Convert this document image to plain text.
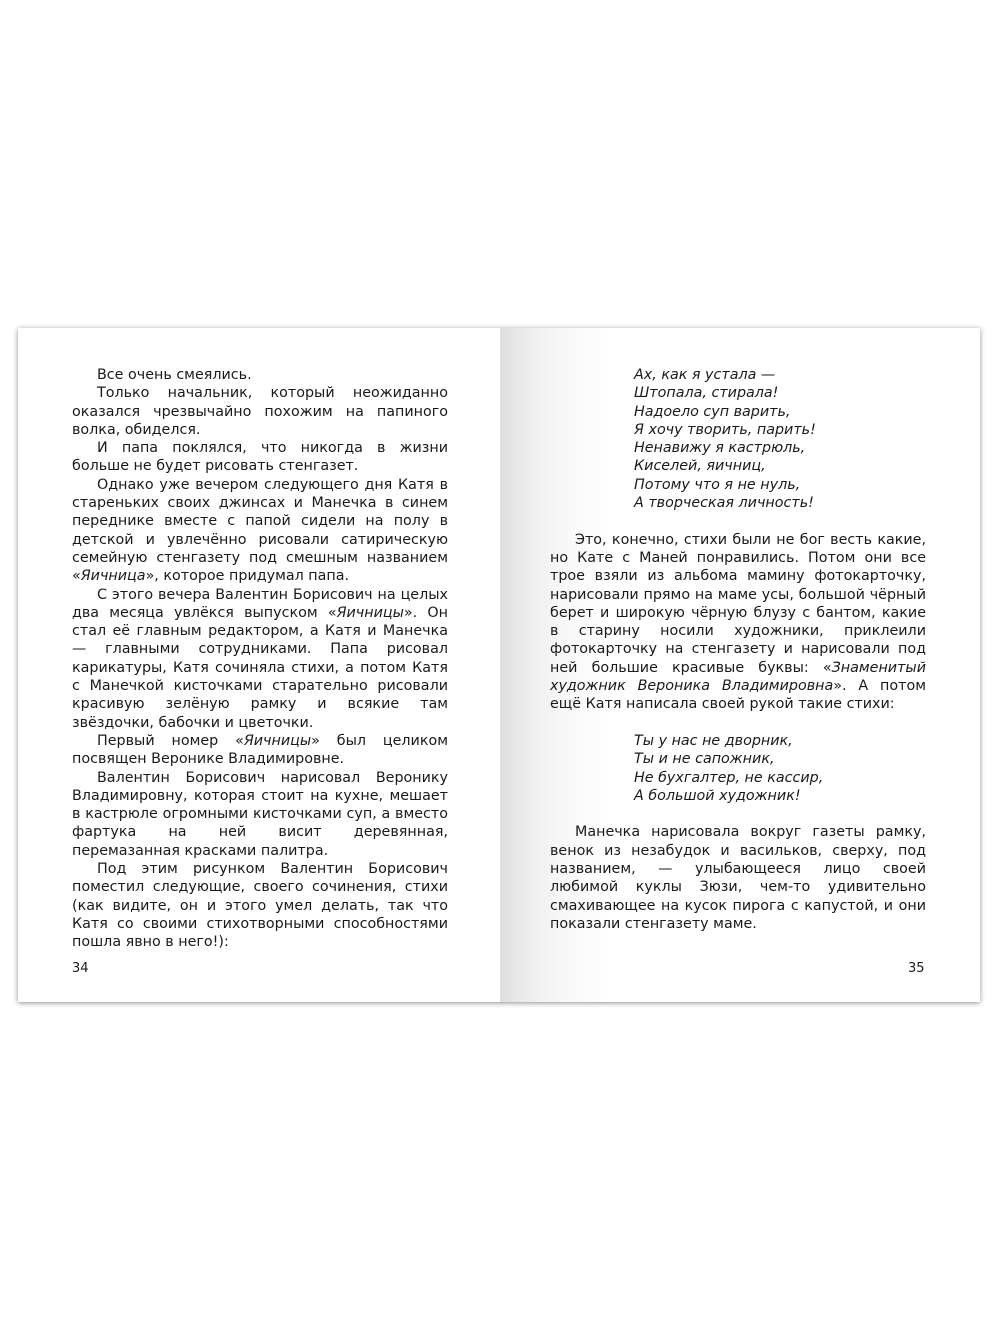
Все очень смеялись.

Только начальник, который неожиданно оказался чрезвычайно похожим на папиного волка, обиделся.

И папа поклялся, что никогда в жизни больше не будет рисовать стенгазет.

Однако уже вечером следующего дня Катя в стареньких своих джинсах и Манечка в синем переднике вместе с папой сидели на полу в детской и увлечённо рисовали сатирическую семейную стенгазету под смешным названием «Яичница», которое придумал папа.

С этого вечера Валентин Борисович на целых два месяца увлёкся выпуском «Яичницы». Он стал её главным редактором, а Катя и Манечка — главными сотрудниками. Папа рисовал карикатуры, Катя сочиняла стихи, а потом Катя с Манечкой кисточками старательно рисовали красивую зелёную рамку и всякие там звёздочки, бабочки и цветочки.

Первый номер «Яичницы» был целиком посвящен Веронике Владимировне.

Валентин Борисович нарисовал Веронику Владимировну, которая стоит на кухне, мешает в кастрюле огромными кисточками суп, а вместо фартука на ней висит деревянная, перемазанная красками палитра.

Под этим рисунком Валентин Борисович поместил следующие, своего сочинения, стихи (как видите, он и этого умел делать, так что Катя со своими стихотворными способностями пошла явно в него!):

34
Ах, как я устала —
Штопала, стирала!
Надоело суп варить,
Я хочу творить, парить!
Ненавижу я кастрюль,
Киселей, яичниц,
Потому что я не нуль,
А творческая личность!

Это, конечно, стихи были не бог весть какие, но Кате с Маней понравились. Потом они все трое взяли из альбома мамину фотокарточку, нарисовали прямо на маме усы, большой чёрный берет и широкую чёрную блузу с бантом, какие в старину носили художники, приклеили фотокарточку на стенгазету и нарисовали под ней большие красивые буквы: «Знаменитый художник Вероника Владимировна». А потом ещё Катя написала своей рукой такие стихи:

Ты у нас не дворник,
Ты и не сапожник,
Не бухгалтер, не кассир,
А большой художник!

Манечка нарисовала вокруг газеты рамку, венок из незабудок и васильков, сверху, под названием, — улыбающееся лицо своей любимой куклы Зюзи, чем-то удивительно смахивающее на кусок пирога с капустой, и они показали стенгазету маме.

35
